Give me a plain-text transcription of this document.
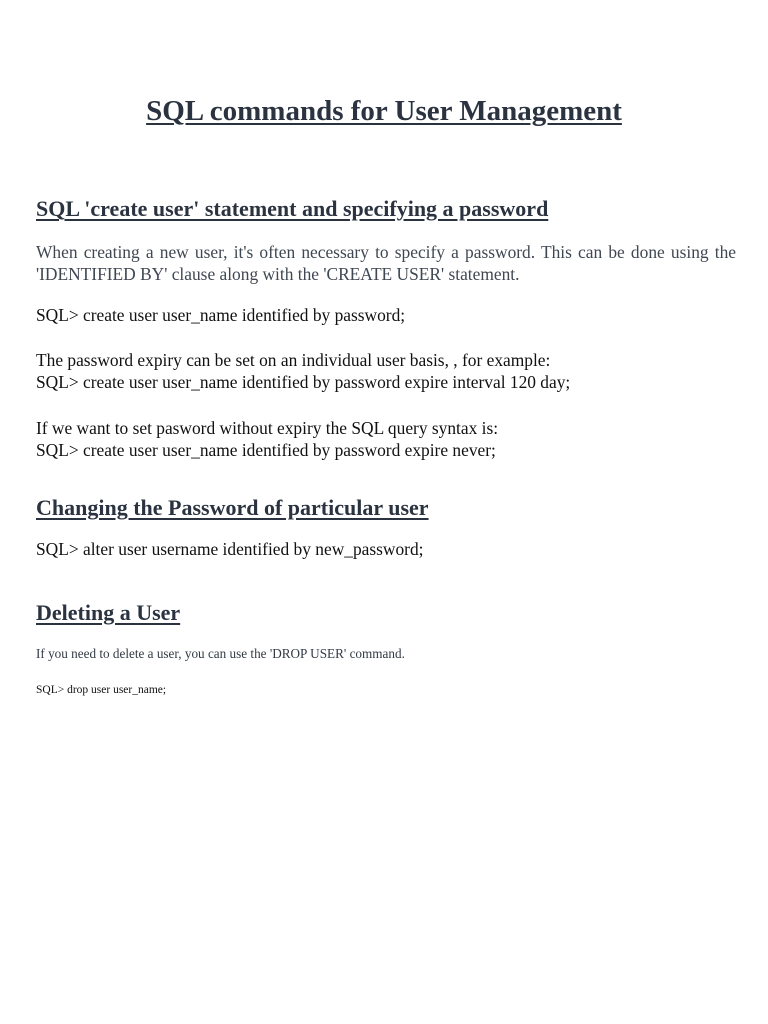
SQL commands for User Management
SQL 'create user' statement and specifying a password

When creating a new user, it's often necessary to specify a password. This can be done using the 'IDENTIFIED BY' clause along with the 'CREATE USER' statement.

SQL> create user user_name identified by password;

The password expiry can be set on an individual user basis, , for example:

SQL> create user user_name identified by password expire interval 120 day;

If we want to set pasword without expiry the SQL query syntax is:

SQL> create user user_name identified by password expire never;

Changing the Password of particular user

SQL> alter user username identified by new_password;

Deleting a User

If you need to delete a user, you can use the 'DROP USER' command.

SQL> drop user user_name;
